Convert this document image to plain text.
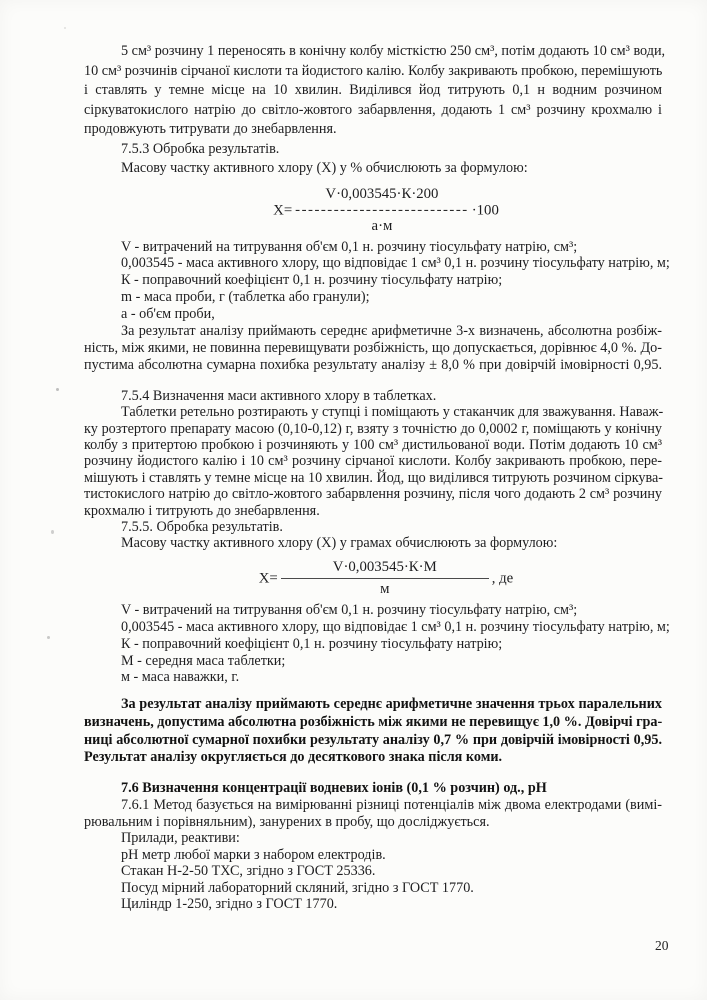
5 см³ розчину 1 переносять в конічну колбу місткістю 250 см³, потім додають 10 см³ води,
10 см³ розчинів сірчаної кислоти та йодистого калію. Колбу закривають пробкою, перемішують
і ставлять у темне місце на 10 хвилин. Виділився йод титрують 0,1 н водним розчином
сіркуватокислого натрію до світло-жовтого забарвлення, додають 1 см³ розчину крохмалю і
продовжують титрувати до знебарвлення.
7.5.3 Обробка результатів.
Масову частку активного хлору (Х) у % обчислюють за формулою:
X=
V·0,003545·К·200
---------------------------
а·м
·100
V - витрачений на титрування об'єм 0,1 н. розчину тіосульфату натрію, см³;
0,003545 - маса активного хлору, що відповідає 1 см³ 0,1 н. розчину тіосульфату натрію, м;
К - поправочний коефіцієнт 0,1 н. розчину тіосульфату натрію;
m - маса проби, г (таблетка або гранули);
а - об'єм проби,
За результат аналізу приймають середнє арифметичне 3-х визначень, абсолютна розбіж-
ність, між якими, не повинна перевищувати розбіжність, що допускається, дорівнює 4,0 %. До-
пустима абсолютна сумарна похибка результату аналізу ± 8,0 % при довірчій імовірності 0,95.
7.5.4 Визначення маси активного хлору в таблетках.
Таблетки ретельно розтирають у ступці і поміщають у стаканчик для зважування. Наваж-
ку розтертого препарату масою (0,10-0,12) г, взяту з точністю до 0,0002 г, поміщають у конічну
колбу з притертою пробкою і розчиняють у 100 см³ дистильованої води. Потім додають 10 см³
розчину йодистого калію і 10 см³ розчину сірчаної кислоти. Колбу закривають пробкою, пере-
мішують і ставлять у темне місце на 10 хвилин. Йод, що виділився титрують розчином сіркува-
тистокислого натрію до світло-жовтого забарвлення розчину, після чого додають 2 см³ розчину
крохмалю і титрують до знебарвлення.
7.5.5. Обробка результатів.
Масову частку активного хлору (Х) у грамах обчислюють за формулою:
$X= \frac{V\cdot 0,003545\cdot К\cdot М}{м}$ , де
V - витрачений на титрування об'єм 0,1 н. розчину тіосульфату натрію, см³;
0,003545 - маса активного хлору, що відповідає 1 см³ 0,1 н. розчину тіосульфату натрію, м;
К - поправочний коефіцієнт 0,1 н. розчину тіосульфату натрію;
М - середня маса таблетки;
м - маса наважки, г.
За результат аналізу приймають середнє арифметичне значення трьох паралельних
визначень, допустима абсолютна розбіжність між якими не перевищує 1,0 %. Довірчі гра-
ниці абсолютної сумарної похибки результату аналізу 0,7 % при довірчій імовірності 0,95.
Результат аналізу округляється до десяткового знака після коми.
7.6 Визначення концентрації водневих іонів (0,1 % розчин) од., рН
7.6.1 Метод базується на вимірюванні різниці потенціалів між двома електродами (вимі-
рювальним і порівняльним), занурених в пробу, що досліджується.
Прилади, реактиви:
рН метр любої марки з набором електродів.
Стакан Н-2-50 ТХС, згідно з ГОСТ 25336.
Посуд мірний лабораторний скляний, згідно з ГОСТ 1770.
Циліндр 1-250, згідно з ГОСТ 1770.
20
